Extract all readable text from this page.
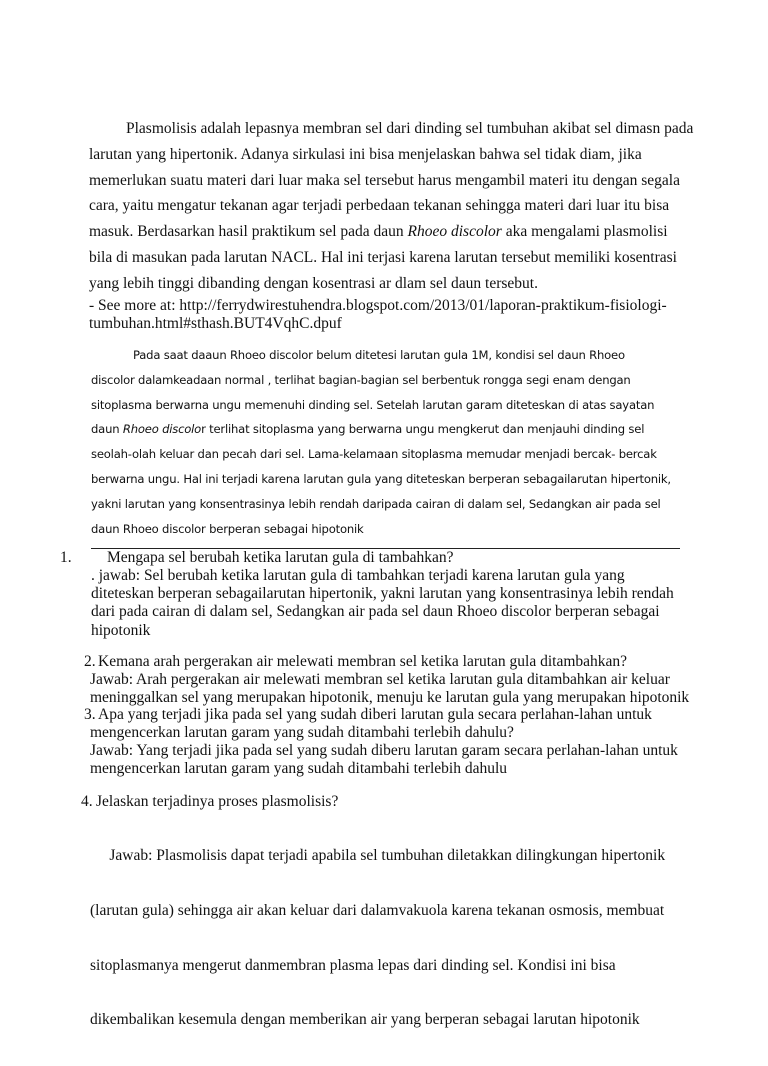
Plasmolisis adalah lepasnya membran sel dari dinding sel tumbuhan akibat sel dimasn pada
larutan yang hipertonik. Adanya sirkulasi ini bisa menjelaskan bahwa sel tidak diam, jika
memerlukan suatu materi dari luar maka sel tersebut harus mengambil materi itu dengan segala
cara, yaitu mengatur tekanan agar terjadi perbedaan tekanan sehingga materi dari luar itu bisa
masuk. Berdasarkan hasil praktikum sel pada daun Rhoeo discolor aka mengalami plasmolisi
bila di masukan pada larutan NACL. Hal ini terjasi karena larutan tersebut memiliki kosentrasi
yang lebih tinggi dibanding dengan kosentrasi ar dlam sel daun tersebut.
- See more at: http://ferrydwirestuhendra.blogspot.com/2013/01/laporan-praktikum-fisiologi-
tumbuhan.html#sthash.BUT4VqhC.dpuf
Pada saat daaun Rhoeo discolor belum ditetesi larutan gula 1M, kondisi sel daun Rhoeo
discolor dalamkeadaan normal , terlihat bagian-bagian sel berbentuk rongga segi enam dengan
sitoplasma berwarna ungu memenuhi dinding sel. Setelah larutan garam diteteskan di atas sayatan
daun Rhoeo discolor terlihat sitoplasma yang berwarna ungu mengkerut dan menjauhi dinding sel
seolah-olah keluar dan pecah dari sel. Lama-kelamaan sitoplasma memudar menjadi bercak- bercak
berwarna ungu. Hal ini terjadi karena larutan gula yang diteteskan berperan sebagailarutan hipertonik,
yakni larutan yang konsentrasinya lebih rendah daripada cairan di dalam sel, Sedangkan air pada sel
daun Rhoeo discolor berperan sebagai hipotonik
1. Mengapa sel berubah ketika larutan gula di tambahkan?
. jawab: Sel berubah ketika larutan gula di tambahkan terjadi karena larutan gula yang
diteteskan berperan sebagailarutan hipertonik, yakni larutan yang konsentrasinya lebih rendah
dari pada cairan di dalam sel, Sedangkan air pada sel daun Rhoeo discolor berperan sebagai
hipotonik
2. Kemana arah pergerakan air melewati membran sel ketika larutan gula ditambahkan?
Jawab: Arah pergerakan air melewati membran sel ketika larutan gula ditambahkan air keluar
meninggalkan sel yang merupakan hipotonik, menuju ke larutan gula yang merupakan hipotonik
3. Apa yang terjadi jika pada sel yang sudah diberi larutan gula secara perlahan-lahan untuk
mengencerkan larutan garam yang sudah ditambahi terlebih dahulu?
Jawab: Yang terjadi jika pada sel yang sudah diberu larutan garam secara perlahan-lahan untuk
mengencerkan larutan garam yang sudah ditambahi terlebih dahulu
4. Jelaskan terjadinya proses plasmolisis?

Jawab: Plasmolisis dapat terjadi apabila sel tumbuhan diletakkan dilingkungan hipertonik

(larutan gula) sehingga air akan keluar dari dalamvakuola karena tekanan osmosis, membuat

sitoplasmanya mengerut danmembran plasma lepas dari dinding sel. Kondisi ini bisa

dikembalikan kesemula dengan memberikan air yang berperan sebagai larutan hipotonik
